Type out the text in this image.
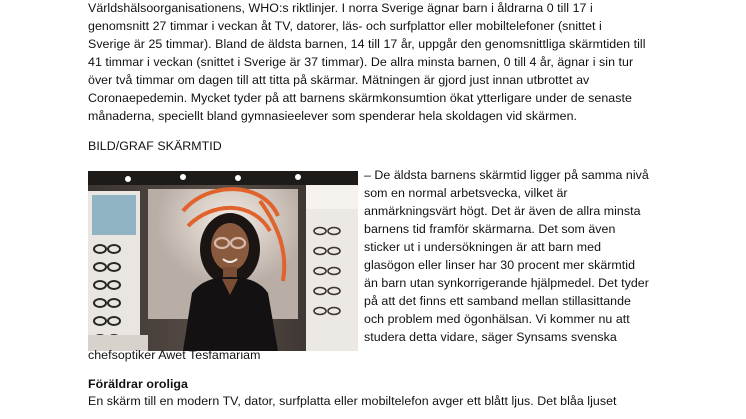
Världshälsoorganisationens, WHO:s riktlinjer. I norra Sverige ägnar barn i åldrarna 0 till 17 i
genomsnitt 27 timmar i veckan åt TV, datorer, läs- och surfplattor eller mobiltelefoner (snittet i
Sverige är 25 timmar). Bland de äldsta barnen, 14 till 17 år, uppgår den genomsnittliga skärmtiden till
41 timmar i veckan (snittet i Sverige är 37 timmar). De allra minsta barnen, 0 till 4 år, ägnar i sin tur
över två timmar om dagen till att titta på skärmar. Mätningen är gjord just innan utbrottet av
Coronaepedemin. Mycket tyder på att barnens skärmkonsumtion ökat ytterligare under de senaste
månaderna, speciellt bland gymnasieelever som spenderar hela skoldagen vid skärmen.
BILD/GRAF SKÄRMTID
– De äldsta barnens skärmtid ligger på samma nivå
som en normal arbetsvecka, vilket är
anmärkningsvärt högt. Det är även de allra minsta
barnens tid framför skärmarna. Det som även
sticker ut i undersökningen är att barn med
glasögon eller linser har 30 procent mer skärmtid
än barn utan synkorrigerande hjälpmedel. Det tyder
på att det finns ett samband mellan stillasittande
och problem med ögonhälsan. Vi kommer nu att
studera detta vidare, säger Synsams svenska
chefsoptiker Awet Tesfamariam
Föräldrar oroliga
En skärm till en modern TV, dator, surfplatta eller mobiltelefon avger ett blått ljus. Det blåa ljuset
